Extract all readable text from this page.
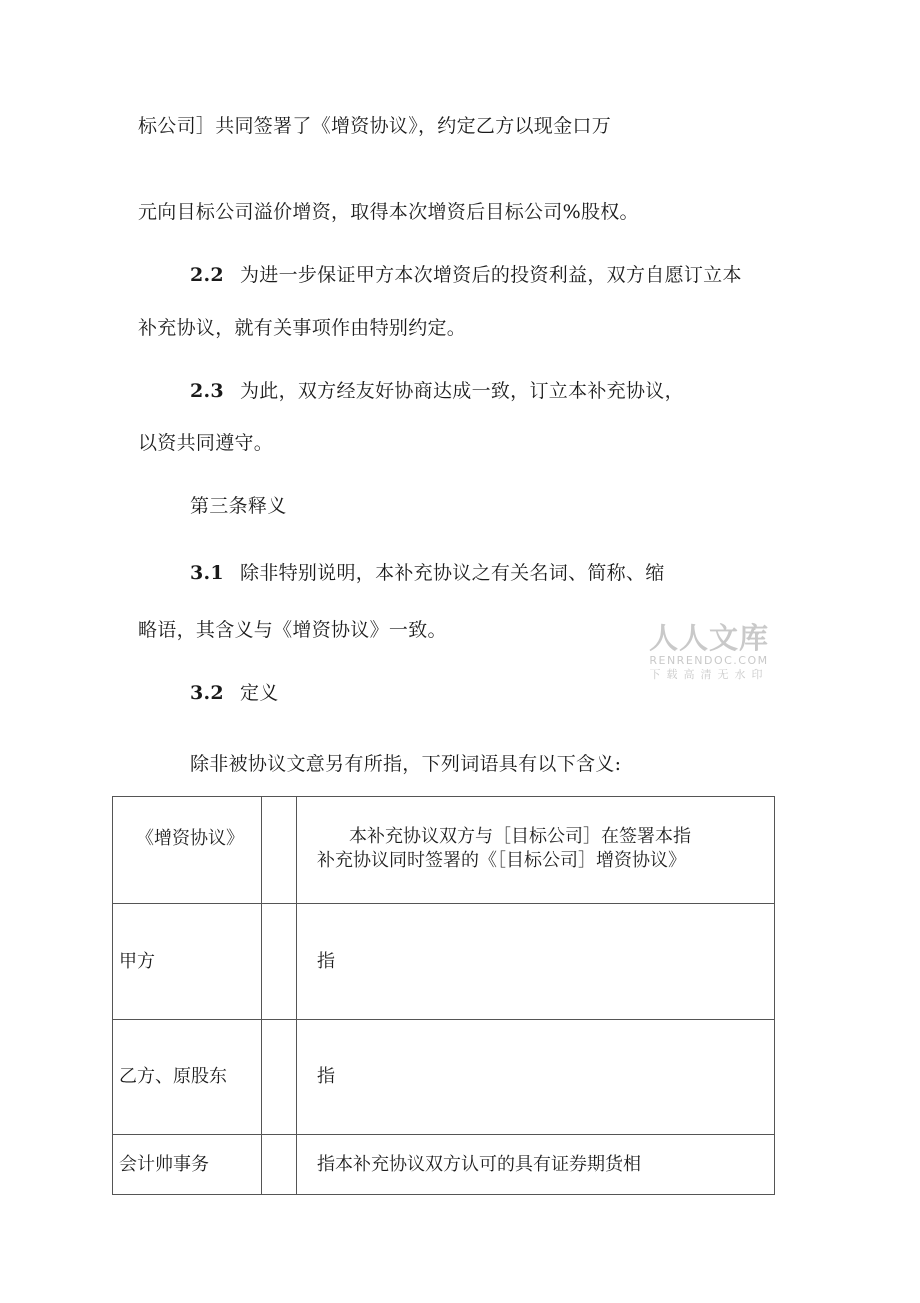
标公司］共同签署了《增资协议》，约定乙方以现金口万
元向目标公司溢价增资，取得本次增资后目标公司%股权。
2.2 为进一步保证甲方本次增资后的投资利益，双方自愿订立本
补充协议，就有关事项作由特别约定。
2.3 为此，双方经友好协商达成一致，订立本补充协议，
以资共同遵守。
第三条释义
3.1 除非特别说明，本补充协议之有关名词、简称、缩
略语，其含义与《增资协议》一致。
3.2 定义
除非被协议文意另有所指，下列词语具有以下含义:
人人文库
RENRENDOC.COM
下载高清无水印
《增资协议》		本补充协议双方与［目标公司］在签署本指
补充协议同时签署的《［目标公司］增资协议》

甲方		指
乙方、原股东		指
会计帅事务		指本补充协议双方认可的具有证券期货相
